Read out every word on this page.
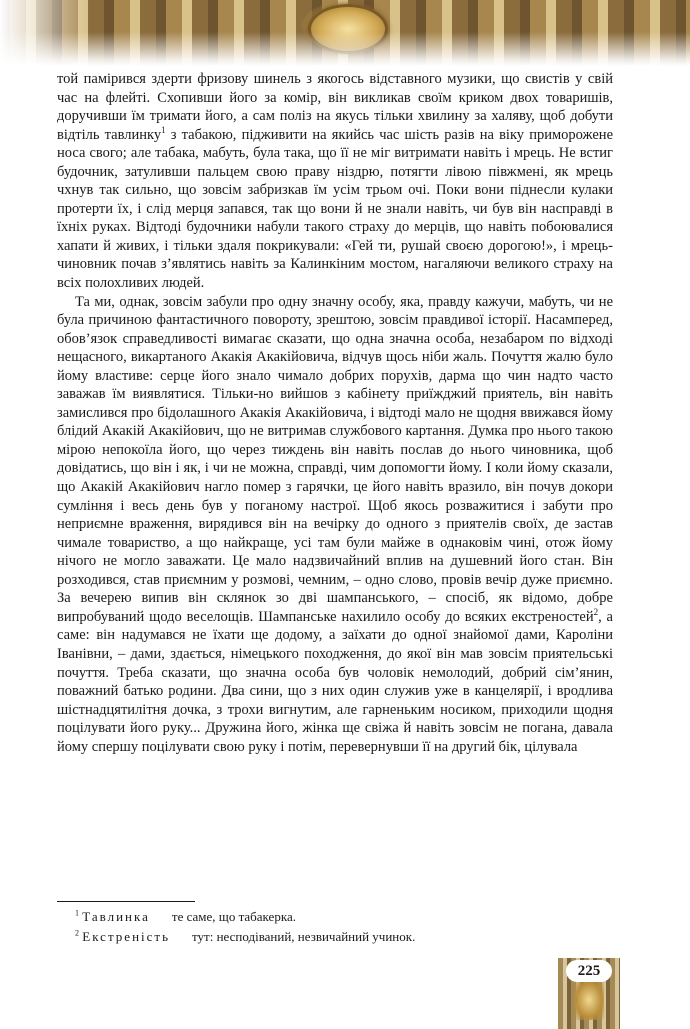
той памірився здерти фризову шинель з якогось відставного музики, що свистів у свій час на флейті. Схопивши його за комір, він викликав своїм криком двох товаришів, доручивши їм тримати його, а сам поліз на якусь тільки хвилину за халяву, щоб добути відтіль тавлинку$^1$ з табакою, підживити на якийсь час шість разів на віку приморожене носа свого; але табака, мабуть, була така, що її не міг витримати навіть і мрець. Не встиг будочник, затуливши пальцем свою праву ніздрю, потягти лівою півжмені, як мрець чхнув так сильно, що зовсім забризкав їм усім трьом очі. Поки вони піднесли кулаки протерти їх, і слід мерця запався, так що вони й не знали навіть, чи був він насправді в їхніх руках. Відтоді будочники набули такого страху до мерців, що навіть побоювалися хапати й живих, і тільки здаля покрикували: «Гей ти, рушай своєю дорогою!», і мрець-чиновник почав з’являтись навіть за Калинкіним мостом, нагаляючи великого страху на всіх полохливих людей.

Та ми, однак, зовсім забули про одну значну особу, яка, правду кажучи, мабуть, чи не була причиною фантастичного повороту, зрештою, зовсім правдивої історії. Насамперед, обов’язок справедливості вимагає сказати, що одна значна особа, незабаром по відході нещасного, викартаного Акакія Акакійовича, відчув щось ніби жаль. Почуття жалю було йому властиве: серце його знало чимало добрих поруxів, дарма що чин надто часто заважав їм виявлятися. Тільки-но вийшов з кабінету приїжджий приятель, він навіть замислився про бідолашного Акакія Акакійовича, і відтоді мало не щодня ввижався йому блідий Акакій Акакійович, що не витримав службового картання. Думка про нього такою мірою непокоїла його, що через тиждень він навіть послав до нього чиновника, щоб довідатись, що він і як, і чи не можна, справді, чим допомогти йому. І коли йому сказали, що Акакій Акакійович нагло помер з гарячки, це його навіть вразило, він почув докори сумління і весь день був у поганому настрої. Щоб якось розважитися і забути про неприємне враження, вирядився він на вечірку до одного з приятелів своїх, де застав чимале товариство, а що найкраще, усі там були майже в однаковім чині, отож йому нічого не могло заважати. Це мало надзвичайний вплив на душевний його стан. Він розходився, став приємним у розмові, чемним, – одно слово, провів вечір дуже приємно. За вечерею випив він склянок зо дві шампанського, – спосіб, як відомо, добре випробуваний щодо веселощів. Шампанське нахилило особу до всяких екстреностей$^2$, а саме: він надумався не їхати ще додому, а заїхати до одної знайомої дами, Кароліни Іванівни, – дами, здається, німецького походження, до якої він мав зовсім приятельські почуття. Треба сказати, що значна особа був чоловік немолодий, добрий сім’янин, поважний батько родини. Два сини, що з них один служив уже в канцелярії, і вродлива шістнадцятилітня дочка, з трохи вигнутим, але гарненьким носиком, приходили щодня поцілувати його руку... Дружина його, жінка ще свіжа й навіть зовсім не погана, давала йому спершу поцілувати свою руку і потім, перевернувши її на другий бік, цілувала

$^1$ Тавлинка те саме, що табакерка.
$^2$ Екстреність тут: несподіваний, незвичайний учинок.
225
